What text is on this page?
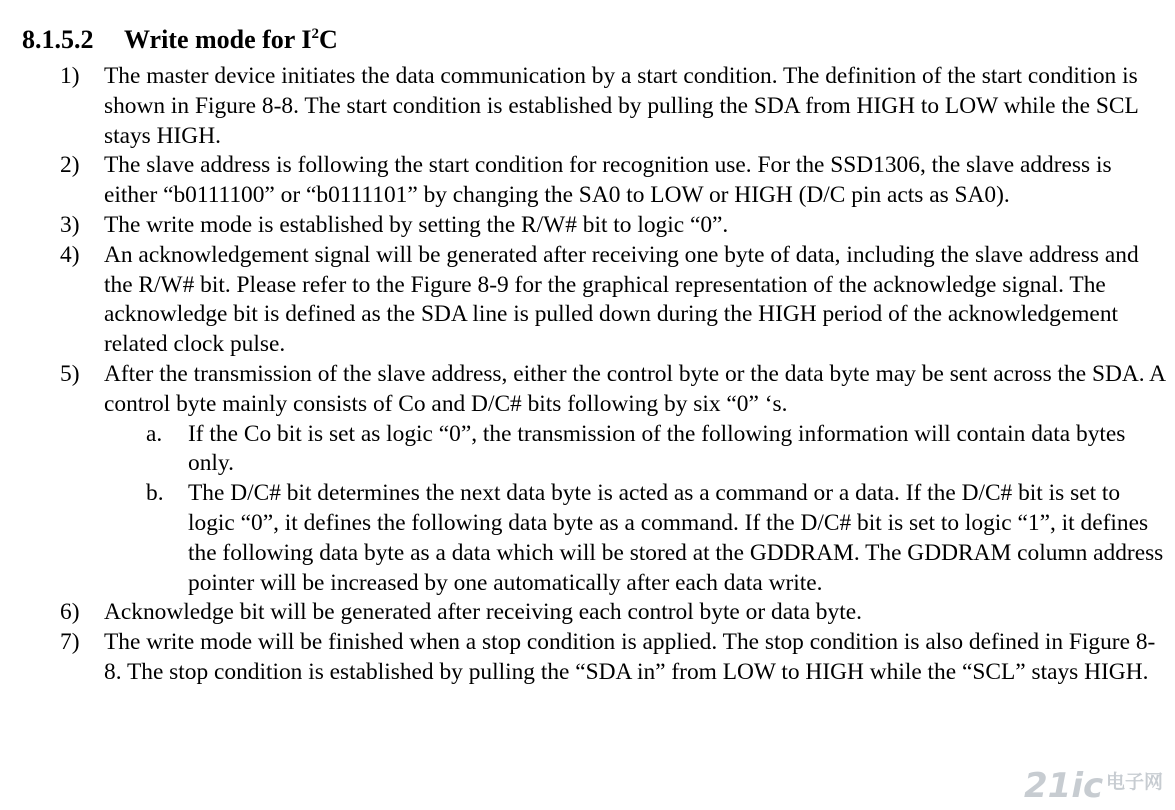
8.1.5.2 Write mode for $I^2C$
1) The master device initiates the data communication by a start condition. The definition of the start condition is shown in Figure 8-8. The start condition is established by pulling the SDA from HIGH to LOW while the SCL stays HIGH.
2) The slave address is following the start condition for recognition use. For the SSD1306, the slave address is either “b0111100” or “b0111101” by changing the SA0 to LOW or HIGH (D/C pin acts as SA0).
3) The write mode is established by setting the R/W# bit to logic “0”.
4) An acknowledgement signal will be generated after receiving one byte of data, including the slave address and the R/W# bit. Please refer to the Figure 8-9 for the graphical representation of the acknowledge signal. The acknowledge bit is defined as the SDA line is pulled down during the HIGH period of the acknowledgement related clock pulse.
5) After the transmission of the slave address, either the control byte or the data byte may be sent across the SDA. A control byte mainly consists of Co and D/C# bits following by six “0” ‘s.
a. If the Co bit is set as logic “0”, the transmission of the following information will contain data bytes only.
b. The D/C# bit determines the next data byte is acted as a command or a data. If the D/C# bit is set to logic “0”, it defines the following data byte as a command. If the D/C# bit is set to logic “1”, it defines the following data byte as a data which will be stored at the GDDRAM. The GDDRAM column address pointer will be increased by one automatically after each data write.
6) Acknowledge bit will be generated after receiving each control byte or data byte.
7) The write mode will be finished when a stop condition is applied. The stop condition is also defined in Figure 8-8. The stop condition is established by pulling the “SDA in” from LOW to HIGH while the “SCL” stays HIGH.
21ic 电子网
